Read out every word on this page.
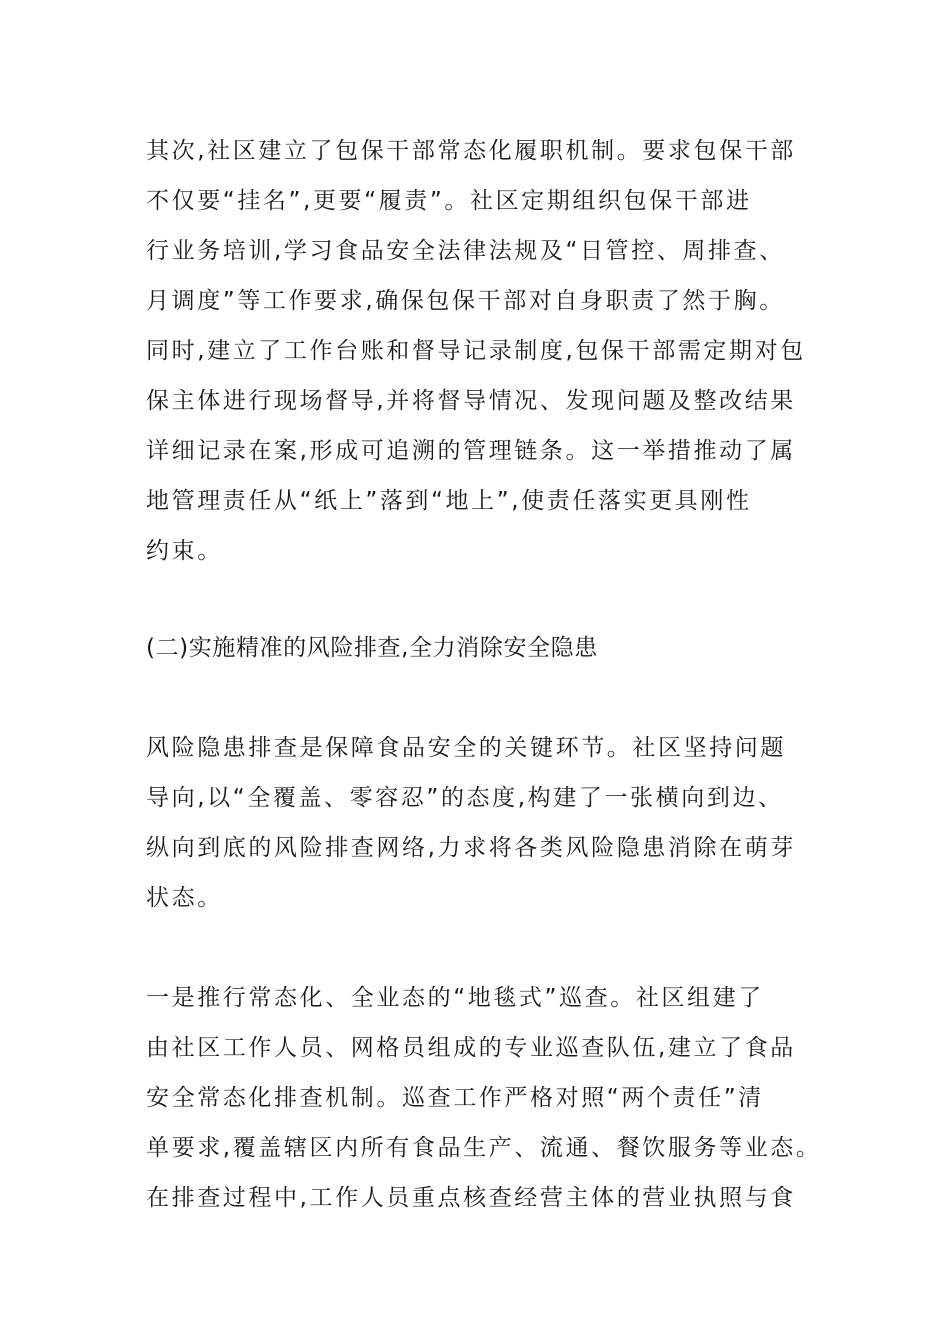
其次,社区建立了包保干部常态化履职机制。要求包保干部
不仅要“挂名”,更要“履责”。社区定期组织包保干部进
行业务培训,学习食品安全法律法规及“日管控、周排查、
月调度”等工作要求,确保包保干部对自身职责了然于胸。
同时,建立了工作台账和督导记录制度,包保干部需定期对包
保主体进行现场督导,并将督导情况、发现问题及整改结果
详细记录在案,形成可追溯的管理链条。这一举措推动了属
地管理责任从“纸上”落到“地上”,使责任落实更具刚性
约束。
(二)实施精准的风险排查,全力消除安全隐患
风险隐患排查是保障食品安全的关键环节。社区坚持问题
导向,以“全覆盖、零容忍”的态度,构建了一张横向到边、
纵向到底的风险排查网络,力求将各类风险隐患消除在萌芽
状态。
一是推行常态化、全业态的“地毯式”巡查。社区组建了
由社区工作人员、网格员组成的专业巡查队伍,建立了食品
安全常态化排查机制。巡查工作严格对照“两个责任”清
单要求,覆盖辖区内所有食品生产、流通、餐饮服务等业态。
在排查过程中,工作人员重点核查经营主体的营业执照与食
